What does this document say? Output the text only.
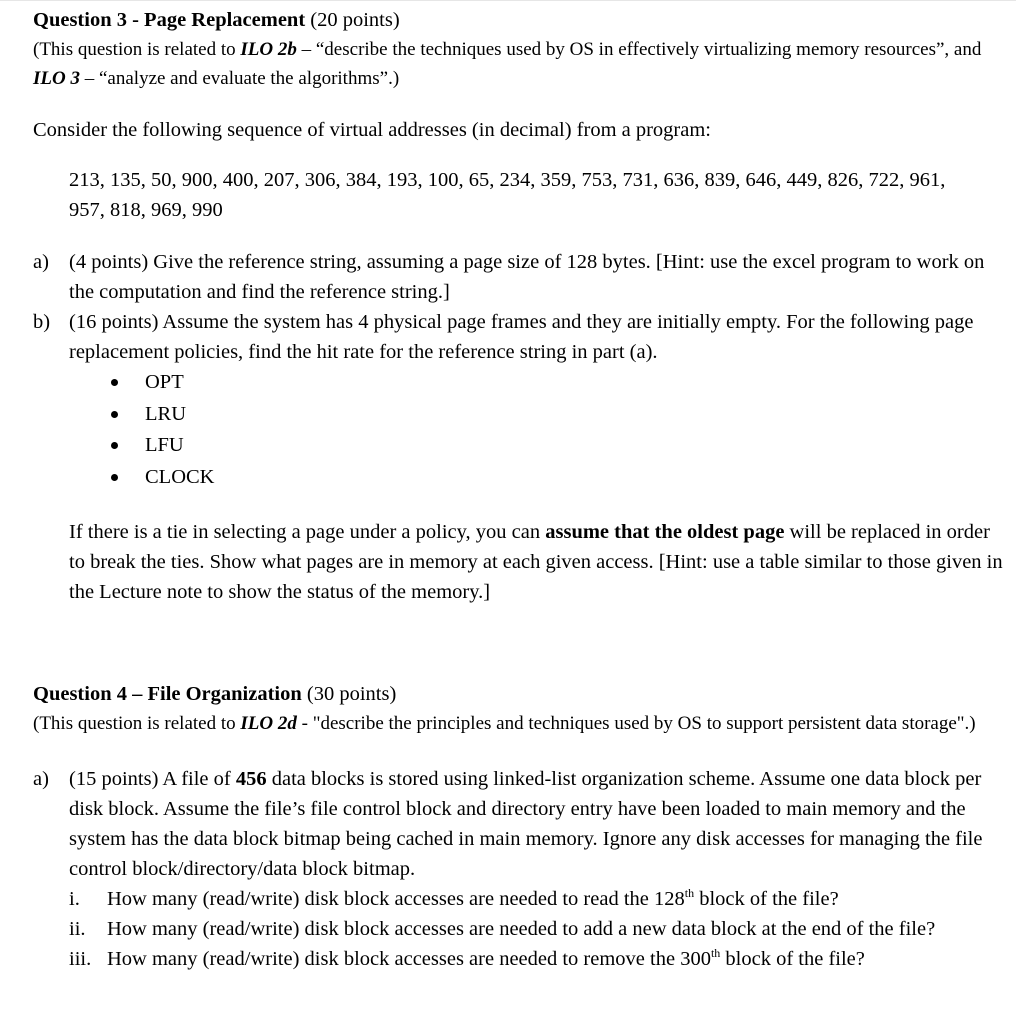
Question 3 - Page Replacement (20 points)
(This question is related to ILO 2b – “describe the techniques used by OS in effectively virtualizing memory resources”, and ILO 3 – “analyze and evaluate the algorithms”.)
Consider the following sequence of virtual addresses (in decimal) from a program:
213, 135, 50, 900, 400, 207, 306, 384, 193, 100, 65, 234, 359, 753, 731, 636, 839, 646, 449, 826, 722, 961, 957, 818, 969, 990
a) (4 points) Give the reference string, assuming a page size of 128 bytes. [Hint: use the excel program to work on the computation and find the reference string.]
b) (16 points) Assume the system has 4 physical page frames and they are initially empty. For the following page replacement policies, find the hit rate for the reference string in part (a).
OPT
LRU
LFU
CLOCK
If there is a tie in selecting a page under a policy, you can assume that the oldest page will be replaced in order to break the ties. Show what pages are in memory at each given access. [Hint: use a table similar to those given in the Lecture note to show the status of the memory.]
Question 4 – File Organization (30 points)
(This question is related to ILO 2d - "describe the principles and techniques used by OS to support persistent data storage".)
a) (15 points) A file of 456 data blocks is stored using linked-list organization scheme. Assume one data block per disk block. Assume the file’s file control block and directory entry have been loaded to main memory and the system has the data block bitmap being cached in main memory. Ignore any disk accesses for managing the file control block/directory/data block bitmap.
i. How many (read/write) disk block accesses are needed to read the 128th block of the file?
ii. How many (read/write) disk block accesses are needed to add a new data block at the end of the file?
iii. How many (read/write) disk block accesses are needed to remove the 300th block of the file?
